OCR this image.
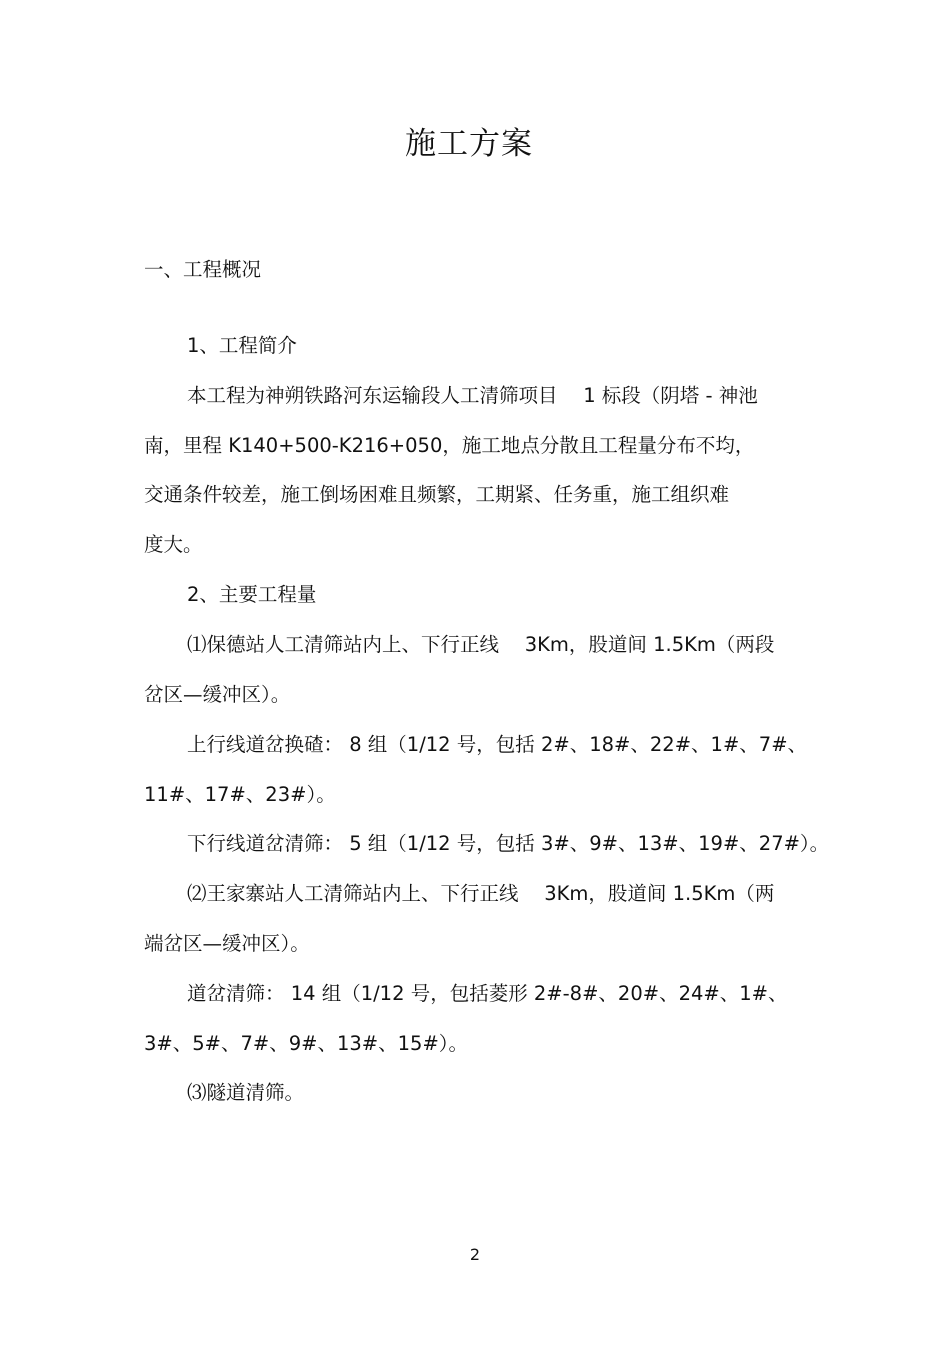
施工方案
一、工程概况
1、工程简介
本工程为神朔铁路河东运输段人工清筛项目　 1 标段（阴塔 - 神池
南，里程 K140+500-K216+050，施工地点分散且工程量分布不均，
交通条件较差，施工倒场困难且频繁，工期紧、任务重，施工组织难
度大。
2、主要工程量
⑴保德站人工清筛站内上、下行正线　 3Km，股道间 1.5Km（两段
岔区—缓冲区）。
上行线道岔换碴： 8 组（1/12 号，包括 2#、18#、22#、1#、7#、
11#、17#、23#）。
下行线道岔清筛： 5 组（1/12 号，包括 3#、9#、13#、19#、27#）。
⑵王家寨站人工清筛站内上、下行正线　 3Km，股道间 1.5Km（两
端岔区—缓冲区）。
道岔清筛： 14 组（1/12 号，包括菱形 2#-8#、20#、24#、1#、
3#、5#、7#、9#、13#、15#）。
⑶隧道清筛。
2
